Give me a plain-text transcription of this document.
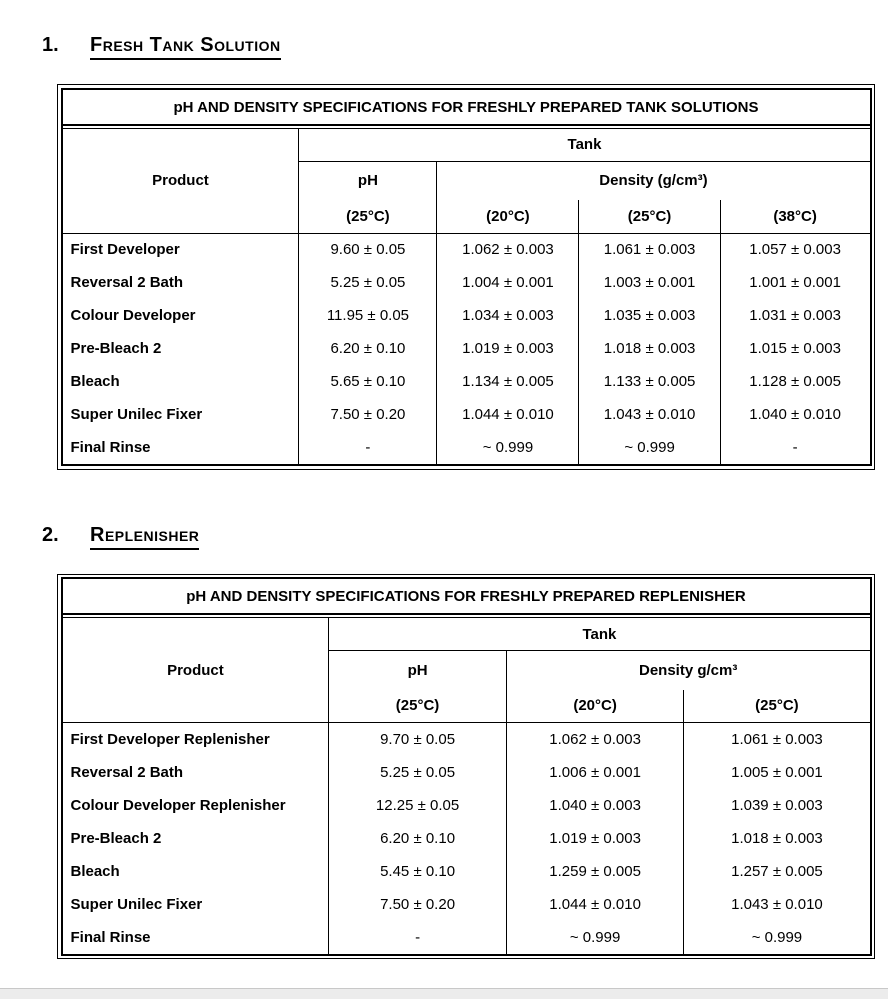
1.	Fresh Tank Solution
pH AND DENSITY SPECIFICATIONS FOR FRESHLY PREPARED TANK SOLUTIONS
Product	Tank			
	pH	Density (g/cm³)		
	(25°C)	(20°C)	(25°C)	(38°C)
First Developer	9.60 ± 0.05	1.062 ± 0.003	1.061 ± 0.003	1.057 ± 0.003
Reversal 2 Bath	5.25 ± 0.05	1.004 ± 0.001	1.003 ± 0.001	1.001 ± 0.001
Colour Developer	11.95 ± 0.05	1.034 ± 0.003	1.035 ± 0.003	1.031 ± 0.003
Pre-Bleach 2	6.20 ± 0.10	1.019 ± 0.003	1.018 ± 0.003	1.015 ± 0.003
Bleach	5.65 ± 0.10	1.134 ± 0.005	1.133 ± 0.005	1.128 ± 0.005
Super Unilec Fixer	7.50 ± 0.20	1.044 ± 0.010	1.043 ± 0.010	1.040 ± 0.010
Final Rinse	-	~ 0.999	~ 0.999	-
2.	Replenisher
pH AND DENSITY SPECIFICATIONS FOR FRESHLY PREPARED REPLENISHER
Product	Tank		
	pH	Density g/cm³	
	(25°C)	(20°C)	(25°C)
First Developer Replenisher	9.70 ± 0.05	1.062 ± 0.003	1.061 ± 0.003
Reversal 2 Bath	5.25 ± 0.05	1.006 ± 0.001	1.005 ± 0.001
Colour Developer Replenisher	12.25 ± 0.05	1.040 ± 0.003	1.039 ± 0.003
Pre-Bleach 2	6.20 ± 0.10	1.019 ± 0.003	1.018 ± 0.003
Bleach	5.45 ± 0.10	1.259 ± 0.005	1.257 ± 0.005
Super Unilec Fixer	7.50 ± 0.20	1.044 ± 0.010	1.043 ± 0.010
Final Rinse	-	~ 0.999	~ 0.999
